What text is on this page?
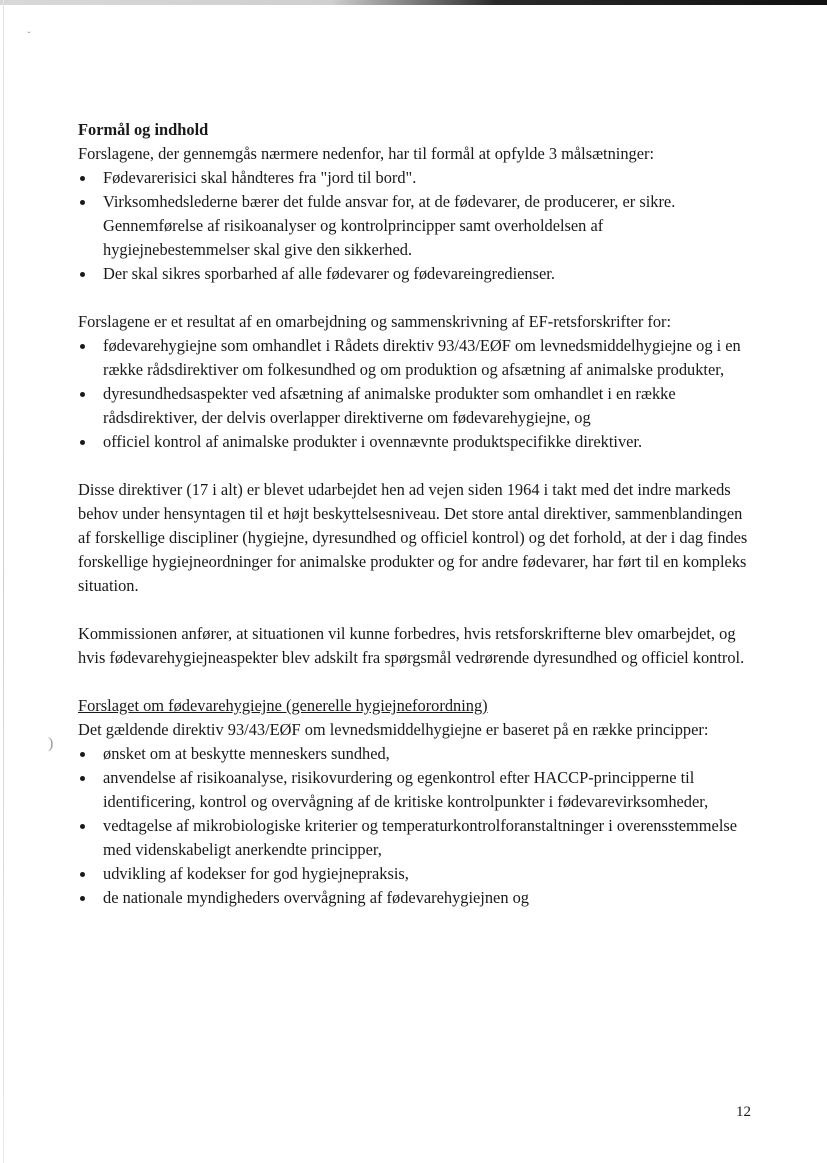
ˇ
)

Formål og indhold

Forslagene, der gennemgås nærmere nedenfor, har til formål at opfylde 3 målsætninger:

Fødevarerisici skal håndteres fra "jord til bord".
Virksomhedslederne bærer det fulde ansvar for, at de fødevarer, de producerer, er sikre. Gennemførelse af risikoanalyser og kontrolprincipper samt overholdelsen af hygiejnebestemmelser skal give den sikkerhed.
Der skal sikres sporbarhed af alle fødevarer og fødevareingredienser.

Forslagene er et resultat af en omarbejdning og sammenskrivning af EF-retsforskrifter for:

fødevarehygiejne som omhandlet i Rådets direktiv 93/43/EØF om levnedsmiddelhygiejne og i en række rådsdirektiver om folkesundhed og om produktion og afsætning af animalske produkter,
dyresundhedsaspekter ved afsætning af animalske produkter som omhandlet i en række rådsdirektiver, der delvis overlapper direktiverne om fødevarehygiejne, og
officiel kontrol af animalske produkter i ovennævnte produktspecifikke direktiver.

Disse direktiver (17 i alt) er blevet udarbejdet hen ad vejen siden 1964 i takt med det indre markeds behov under hensyntagen til et højt beskyttelsesniveau. Det store antal direktiver, sammenblandingen af forskellige discipliner (hygiejne, dyresundhed og officiel kontrol) og det forhold, at der i dag findes forskellige hygiejneordninger for animalske produkter og for andre fødevarer, har ført til en kompleks situation.

Kommissionen anfører, at situationen vil kunne forbedres, hvis retsforskrifterne blev omarbejdet, og hvis fødevarehygiejneaspekter blev adskilt fra spørgsmål vedrørende dyresundhed og officiel kontrol.

Forslaget om fødevarehygiejne (generelle hygiejneforordning)

Det gældende direktiv 93/43/EØF om levnedsmiddelhygiejne er baseret på en række principper:

ønsket om at beskytte menneskers sundhed,
anvendelse af risikoanalyse, risikovurdering og egenkontrol efter HACCP-principperne til identificering, kontrol og overvågning af de kritiske kontrolpunkter i fødevarevirksomheder,
vedtagelse af mikrobiologiske kriterier og temperaturkontrolforanstaltninger i overensstemmelse med videnskabeligt anerkendte principper,
udvikling af kodekser for god hygiejnepraksis,
de nationale myndigheders overvågning af fødevarehygiejnen og
12
